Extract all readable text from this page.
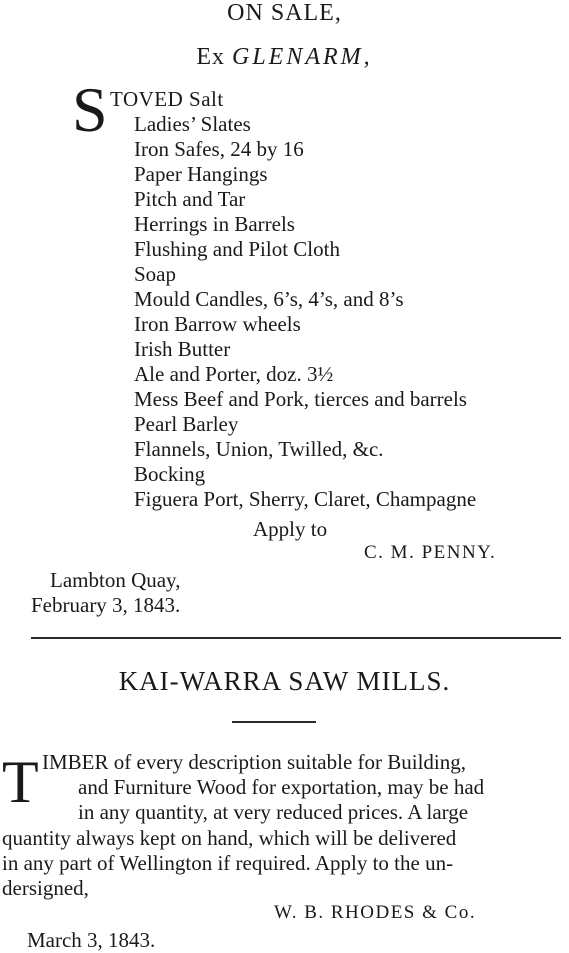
ON SALE,
Ex GLENARM,
S TOVED Salt
Ladies’ Slates
Iron Safes, 24 by 16
Paper Hangings
Pitch and Tar
Herrings in Barrels
Flushing and Pilot Cloth
Soap
Mould Candles, 6’s, 4’s, and 8’s
Iron Barrow wheels
Irish Butter
Ale and Porter, doz. 3½
Mess Beef and Pork, tierces and barrels
Pearl Barley
Flannels, Union, Twilled, &c.
Bocking
Figuera Port, Sherry, Claret, Champagne
Apply to
C. M. PENNY.
Lambton Quay,
February 3, 1843.
KAI-WARRA SAW MILLS.
T IMBER of every description suitable for Building,
and Furniture Wood for exportation, may be had
in any quantity, at very reduced prices. A large
quantity always kept on hand, which will be delivered
in any part of Wellington if required. Apply to the un-
dersigned,
W. B. RHODES & Co.
March 3, 1843.
